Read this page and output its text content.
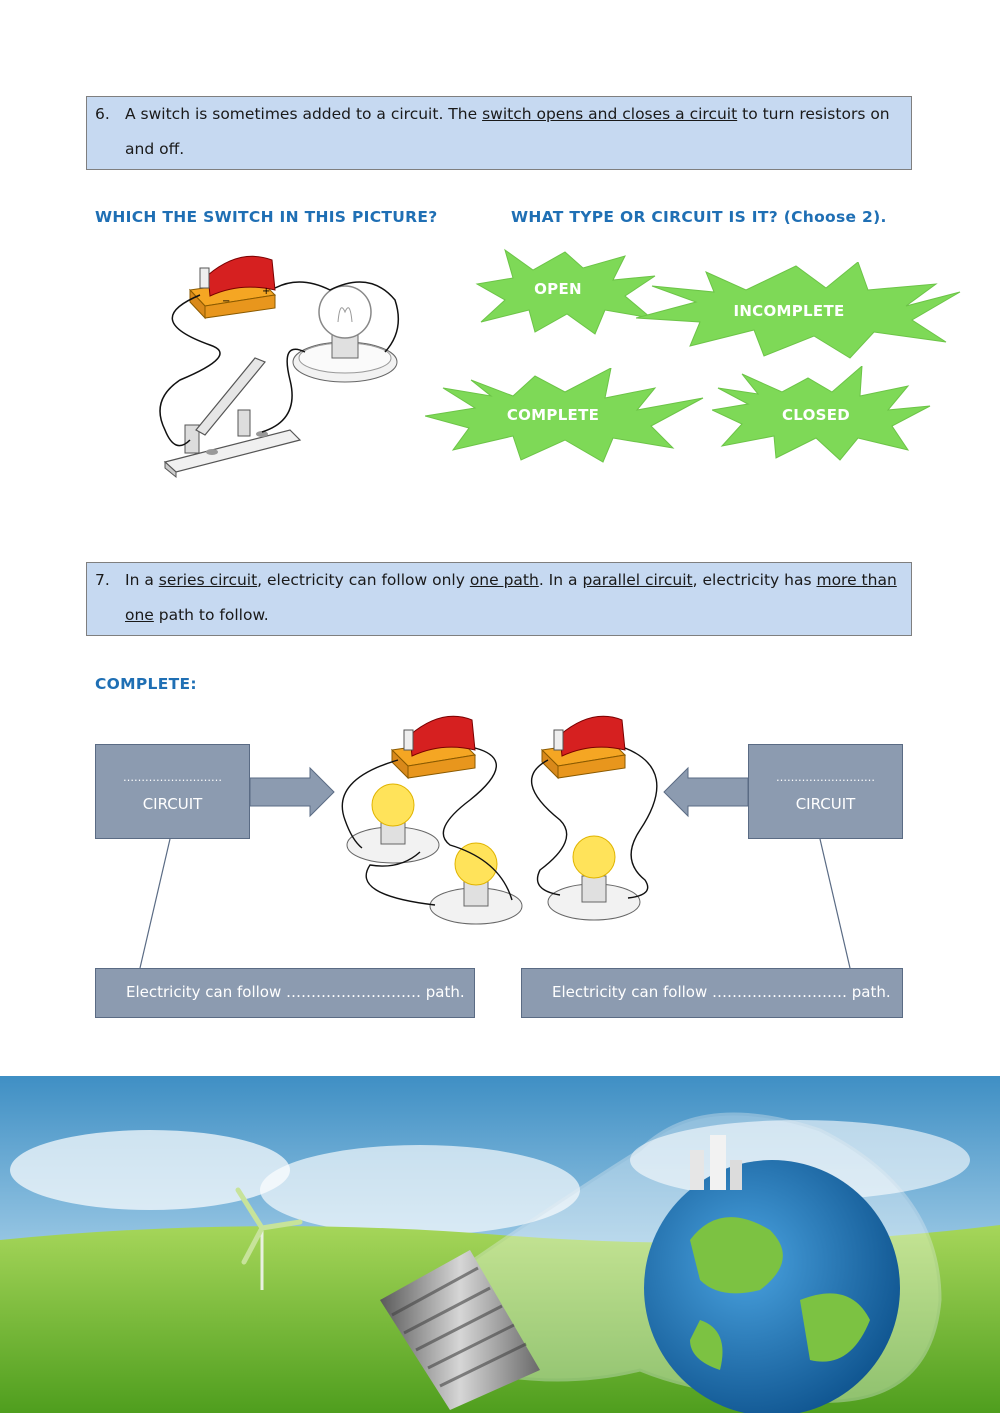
6. A switch is sometimes added to a circuit. The switch opens and closes a circuit to turn resistors on and off.
WHICH THE SWITCH IN THIS PICTURE?	WHAT TYPE OR CIRCUIT IS IT? (Choose 2).
−
+	OPEN
INCOMPLETE
COMPLETE	CLOSED
7. In a series circuit, electricity can follow only one path. In a parallel circuit, electricity has more than one path to follow.
COMPLETE:
………………………
CIRCUIT
………………………
CIRCUIT
Electricity can follow ……………………… path.	Electricity can follow ……………………… path.
